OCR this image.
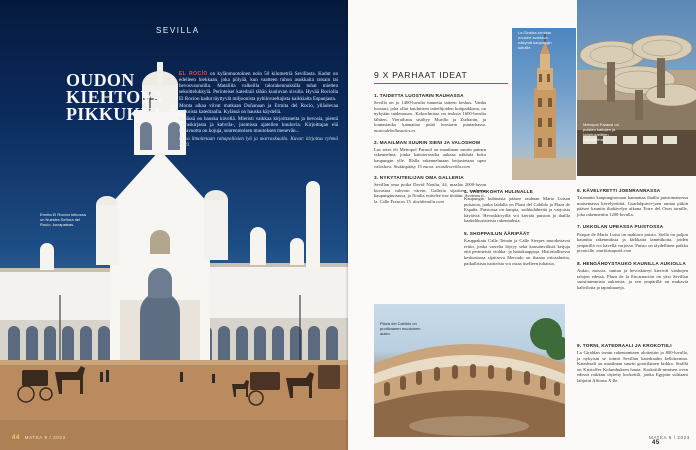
SEVILLA
OUDON
KIEHTOVA
PIKKUKYLÄ

EL ROCÍO on kylänmuotoinen noin 50 kilometriä Sevillasta. Kadut on edelleen hiekkaan, joka pölyää, kun vaatteen tuhon asukkaita ratsain tai hevosvaunuilla. Matalilla valkeilla talorakennuksilla tuhat mielten sekoittelukkylä. Perinteiset katedrali tähän kuuluvan sivulla. Hyvää Rociolla El Rocíon kadut täyttyvät miljoonista pyhiinvaeltajista kaikkialta Espanjasta.

Monta aikaa viivat matkaan Doñanaan ja Ermita del Rocío, ylläolevaa valkoista katedraalia. Kylässä on hauska käydellä.

Kylässä on hauska kävellä. Mietisti vaikkaa kirjoittaneita ja hevosia, pientä vieraskirjasta ja kahvila-, juomissa ajatellen kuuluvia. Kirjoittajan elä lisäavuotta on kojuja, suurenmoisen muutoksen menevän...

Kuva ilmoitetaan rahapoliisien lyö ja marraskuulla. Kuvat: kirjoitus ryhmä 2023

Ermita El Rocíon kirkossa on Nuestra Señora del Rocío -kuvapatsas.
44 MATKA 9 / 2023
Metropol Parasol on puisten kattojen ja kuljetusreittien rakennelma.
La Giralda-tornista nousee avartava näkymä kaupungin katoille.
9 X PARHAAT IDEAT
1. TAIDETTA LUOSTARIN RAUHASSA

Sevilla on jo 1400-luvulta tunnettu taiteen keskus. Vanha luostari, joka ollut kuuluisten taiteilijoiden kotipaikkana, on nykyään taidemuseo. Kokoelmissa on teoksia 1600-luvulta lähtien. Vierailusta sisältyy Murillo ja Zurbarán, ja lounastauko kannattaa pitää luostarin puutarhassa. museodebellasartes.es

2. MAAILMAN SUURIN SIENI JA VALOSHOW

Las setas eli Metropol Parasol on maailman suurin puinen rakennelma, jonka kattoterassilta aukeaa näköala koko kaupungin ylle. Illalla rakennelmaan heijastetaan upea valoshow. Sisäänpääsy 15 euroa. setasdesevilla.com

3. NYKYTAITEILIJAN OMA GALLERIA

Sevillan oma poika David Noulia, 44, maalaa 2000-luvun kuvastoa vahvoin värein. Galleria sijaitsee vanhassa kaupunginosassa, ja Noulia esittelee itse töitään. Avoinna ti–la. Calle Francos 15. davidnoulia.com

4. VASTAKOHTA HULINALLE

Kaupungin kuhinasta pääsee rauhaan Maria Luisan puistoon, jonka laidalla on Plaza del Cabildo ja Plaza de España. Puistossa on lampia, suihkulähteitä ja varjoisia käytäviä. Hevoskärryillä voi kiertää puiston ja ihailla kaakelikoristeisia rakennuksia.

5. SHOPPAILUN ÄÄRIPÄÄT

Kauppakatu Calle Tetuán ja Calle Sierpes muodostavat reitin, jonka varrelta löytyy sekä kansainvälisiä ketjuja että perinteisiä viuhka- ja hattukauppoja. Historiallisessa keskustassa sijaitseva Mercado on ihanaa ostosaluetta, paikallisista tuotteista voi ostaa itselleen tuliaisia.

Plaza del Cabildo on puolikaaren muotoinen aukio.
6. KÄVELYRETTI JOENRANNASSA

Triananin kaupunginosaan kannattaa ihailla puistomaisessa maisemassa kävelyreittiä. Guadalquivir-joen rantaa pitkin pääsee kauniin iltakävelyn aikana Torre del Oron tornille, joka rakennettiin 1200-luvulla.

7. UKKOLAN UPEASSA PUISTOSSA

Parque de María Luisa on mahtava puisto. Siellä on paljon kauniita rakennuksia ja kirkkaita lammikoita, joiden ympärillä voi kävellä varjossa. Puisto on täydellinen paikka picnicille. mariluisapark.com

8. HENGÄHDYSTAUKO KAUNILLA AUKIOLLA

Aukio, moscia, tuntuu ja hevoskärryt kierivät vanhojen talojen edessä. Plaza de la Encarnación on yksi Sevillan suosituimmista aukioista, ja sen ympärillä on mukavia kahviloita ja tapasbaareja.

9. TORNI, KATEDRAALI JA KROKOTIILI

La Giraldan tornin rakentaminen aloitettiin jo 800-luvulla, ja nykyisin se toimii Sevillan katedraalin kellotornina. Katedraali on maailman suurin goottilainen kirkko. Sisällä on Kristoffer Kolumbuksen hauta. Krokotiili-nimisen oven edessä roikkuu täytetty krokotiili, jonka Egyptin sulttaani lahjoitti Alfonso X:lle.

MATKA 9 / 2023 45
